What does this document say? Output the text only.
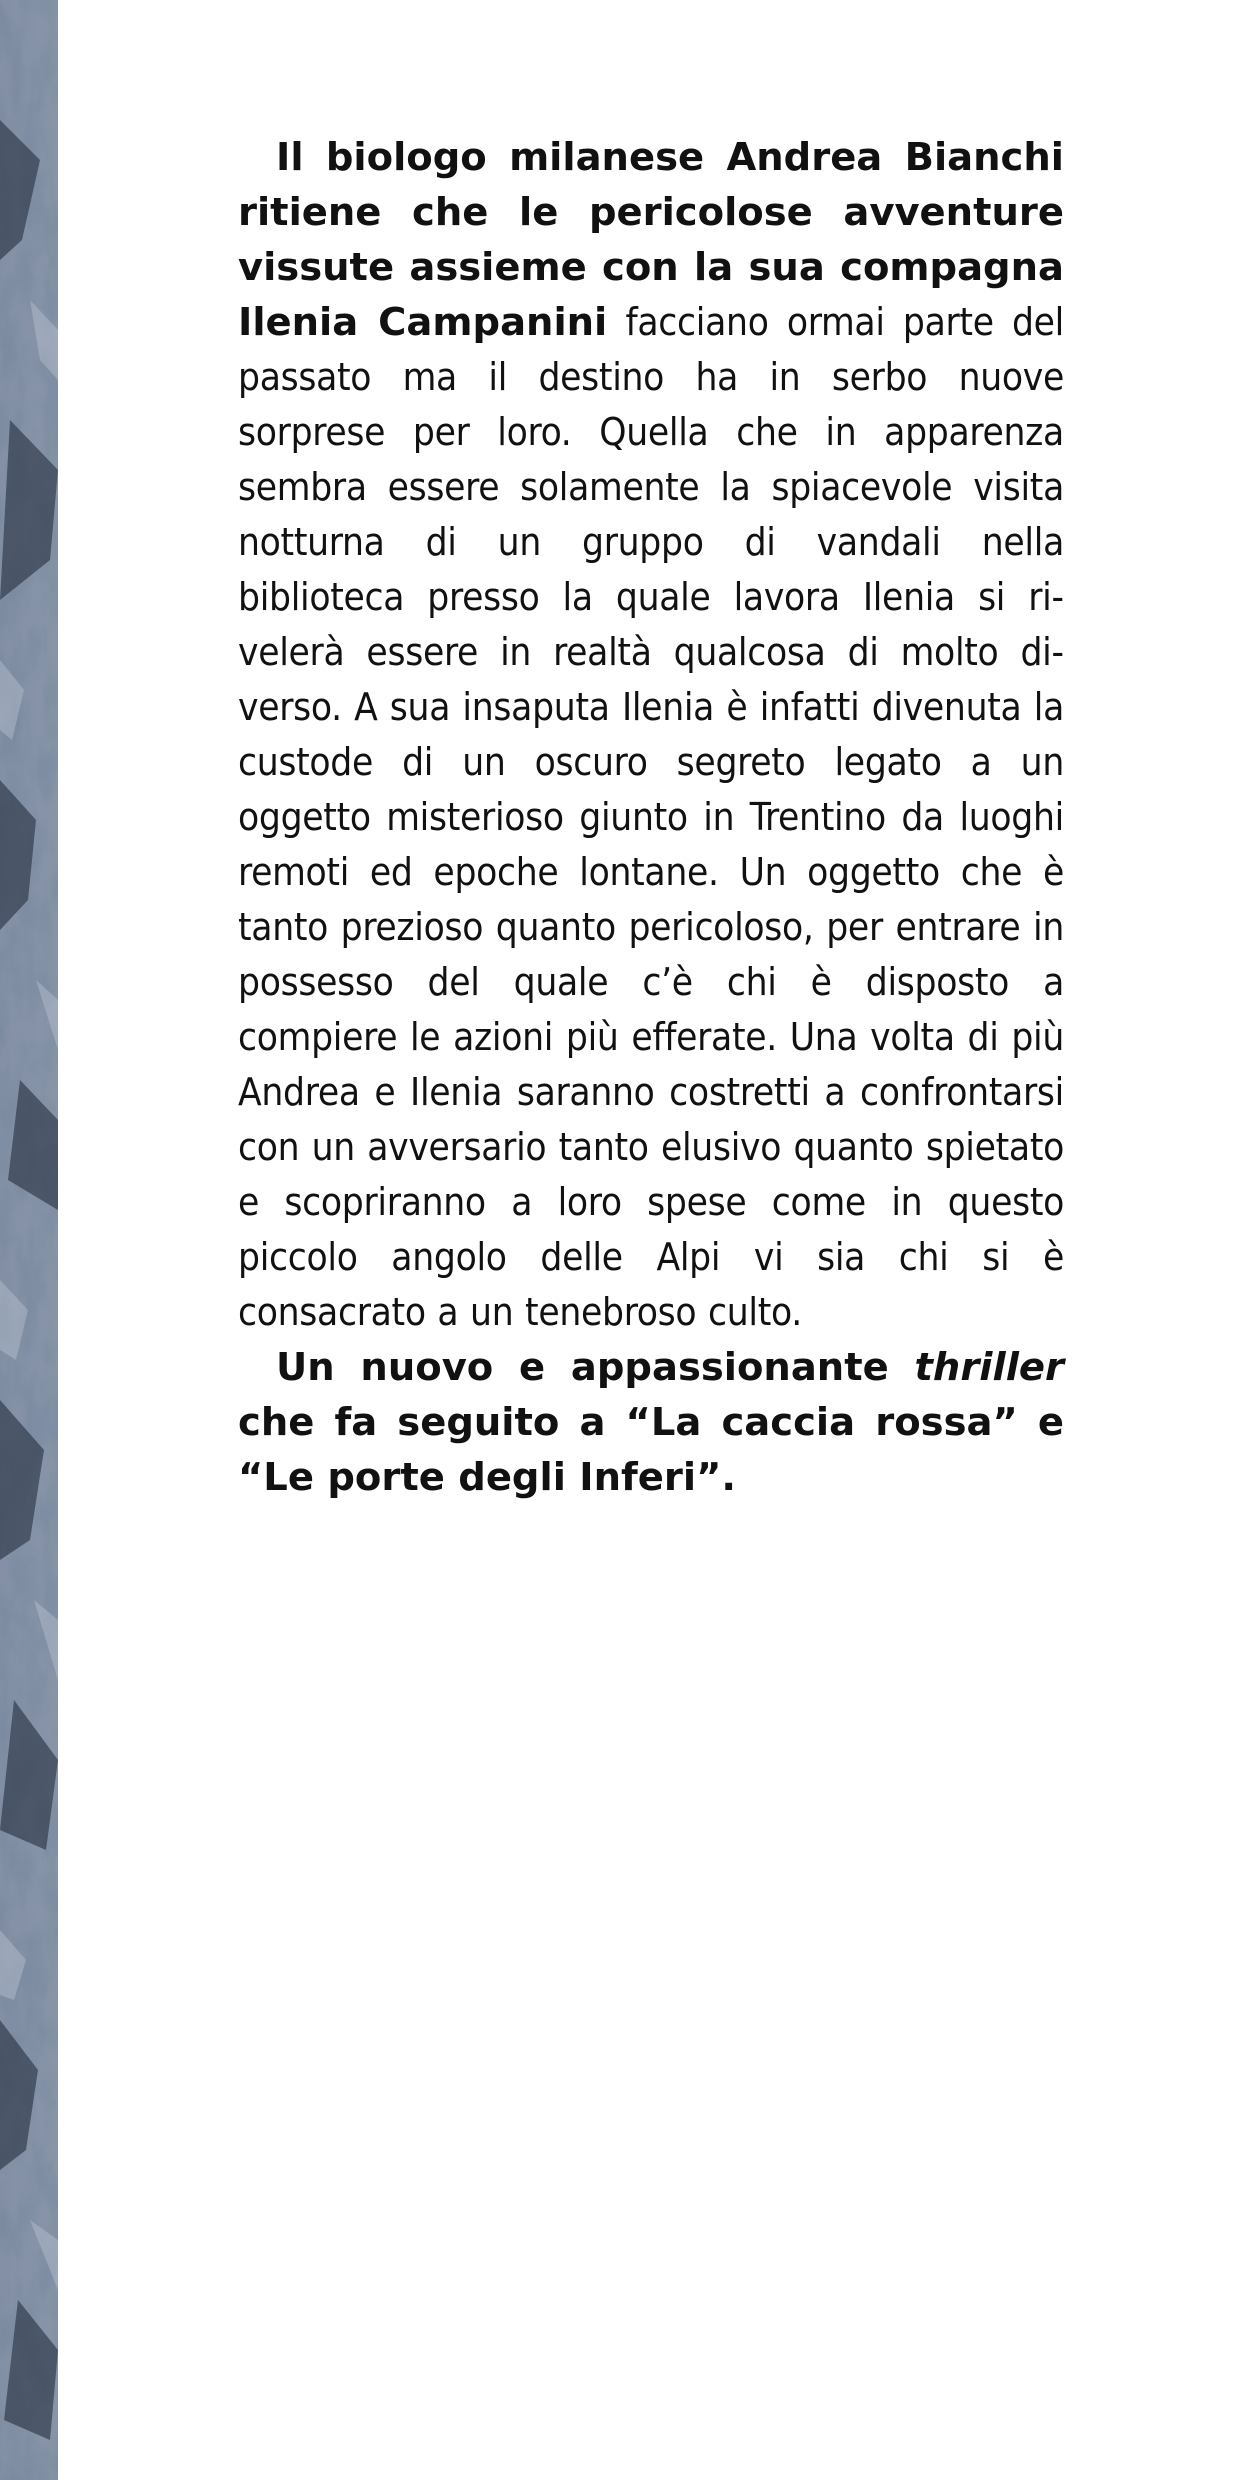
Il biologo milanese Andrea Bianchi ritiene che le pericolose avventure vissute assieme con la sua compagna Ilenia Campanini facciano ormai parte del passato ma il destino ha in serbo nuove sorprese per loro. Quella che in apparenza sembra essere solamente la spiacevole visita notturna di un gruppo di vandali nella biblioteca presso la quale lavora Ilenia si rivelerà essere in realtà qualcosa di molto diverso. A sua insaputa Ilenia è infatti divenuta la custode di un oscuro segreto legato a un oggetto misterioso giunto in Trentino da luoghi remoti ed epoche lontane. Un oggetto che è tanto prezioso quanto pericoloso, per entrare in possesso del quale c’è chi è disposto a compiere le azioni più efferate. Una volta di più Andrea e Ilenia saranno costretti a confrontarsi con un avversario tanto elusivo quanto spietato e scopriranno a loro spese come in questo piccolo angolo delle Alpi vi sia chi si è consacrato a un tenebroso culto.

Un nuovo e appassionante thriller che fa seguito a “La caccia rossa” e “Le porte degli Inferi”.
